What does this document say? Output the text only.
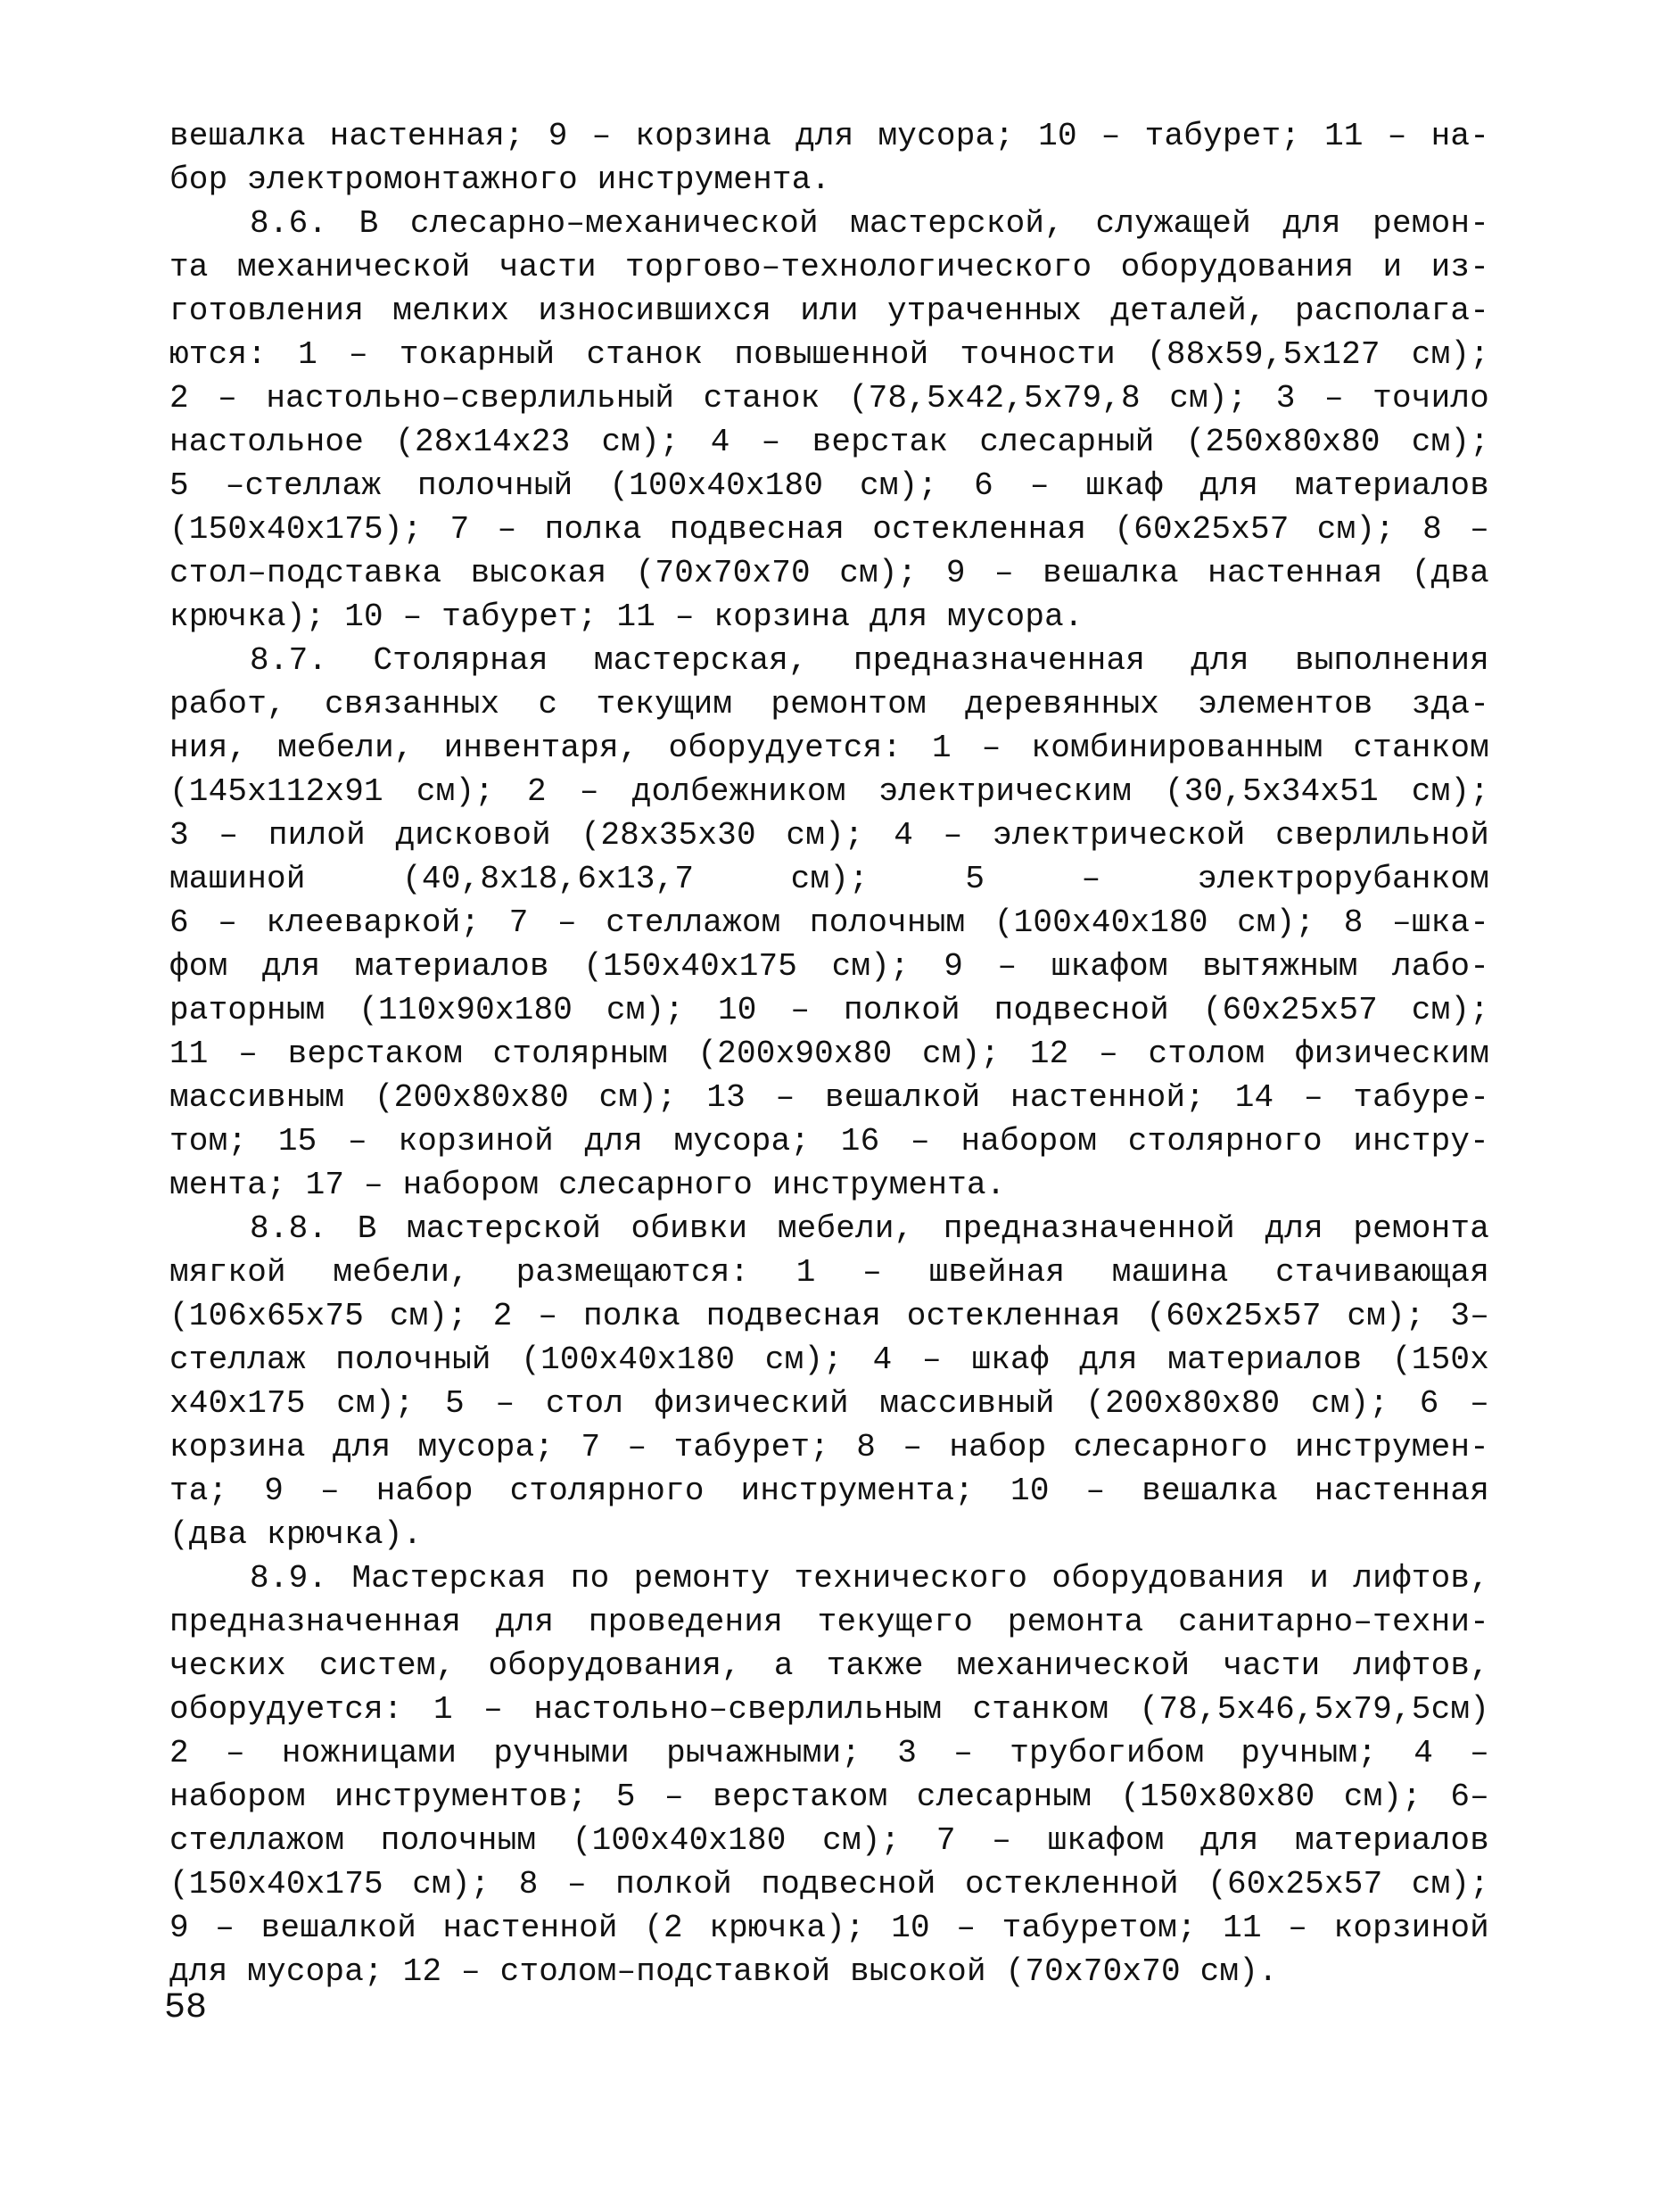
вешалка настенная; 9 – корзина для мусора; 10 – табурет; 11 – на-
бор электромонтажного инструмента.
8.6. В слесарно–механической мастерской, служащей для ремон-
та механической части торгово–технологического оборудования и из-
готовления мелких износившихся или утраченных деталей, располага-
ются: 1 – токарный станок повышенной точности (88x59,5x127 см);
2 – настольно–сверлильный станок (78,5x42,5x79,8 см); 3 – точило
настольное (28x14x23 см); 4 – верстак слесарный (250x80x80 см);
5 –стеллаж полочный (100x40x180 см); 6 – шкаф для материалов
(150x40x175); 7 – полка подвесная остекленная (60x25x57 см); 8 –
стол–подставка высокая (70x70x70 см); 9 – вешалка настенная (два
крючка); 10 – табурет; 11 – корзина для мусора.
8.7. Столярная мастерская, предназначенная для выполнения
работ, связанных с текущим ремонтом деревянных элементов зда-
ния, мебели, инвентаря, оборудуется: 1 – комбинированным станком
(145x112x91 см); 2 – долбежником электрическим (30,5x34x51 см);
3 – пилой дисковой (28x35x30 см); 4 – электрической сверлильной
машиной (40,8x18,6x13,7 см); 5 – электрорубанком
6 – клееваркой; 7 – стеллажом полочным (100x40x180 см); 8 –шка-
фом для материалов (150x40x175 см); 9 – шкафом вытяжным лабо-
раторным (110x90x180 см); 10 – полкой подвесной (60x25x57 см);
11 – верстаком столярным (200x90x80 см); 12 – столом физическим
массивным (200x80x80 см); 13 – вешалкой настенной; 14 – табуре-
том; 15 – корзиной для мусора; 16 – набором столярного инстру-
мента; 17 – набором слесарного инструмента.
8.8. В мастерской обивки мебели, предназначенной для ремонта
мягкой мебели, размещаются: 1 – швейная машина стачивающая
(106x65x75 см); 2 – полка подвесная остекленная (60x25x57 см); 3–
стеллаж полочный (100x40x180 см); 4 – шкаф для материалов (150x
x40x175 см); 5 – стол физический массивный (200x80x80 см); 6 –
корзина для мусора; 7 – табурет; 8 – набор слесарного инструмен-
та; 9 – набор столярного инструмента; 10 – вешалка настенная
(два крючка).
8.9. Мастерская по ремонту технического оборудования и лифтов,
предназначенная для проведения текущего ремонта санитарно–техни-
ческих систем, оборудования, а также механической части лифтов,
оборудуется: 1 – настольно–сверлильным станком (78,5x46,5x79,5см)
2 – ножницами ручными рычажными; 3 – трубогибом ручным; 4 –
набором инструментов; 5 – верстаком слесарным (150x80x80 см); 6–
стеллажом полочным (100x40x180 см); 7 – шкафом для материалов
(150x40x175 см); 8 – полкой подвесной остекленной (60x25x57 см);
9 – вешалкой настенной (2 крючка); 10 – табуретом; 11 – корзиной
для мусора; 12 – столом–подставкой высокой (70x70x70 см).
58
